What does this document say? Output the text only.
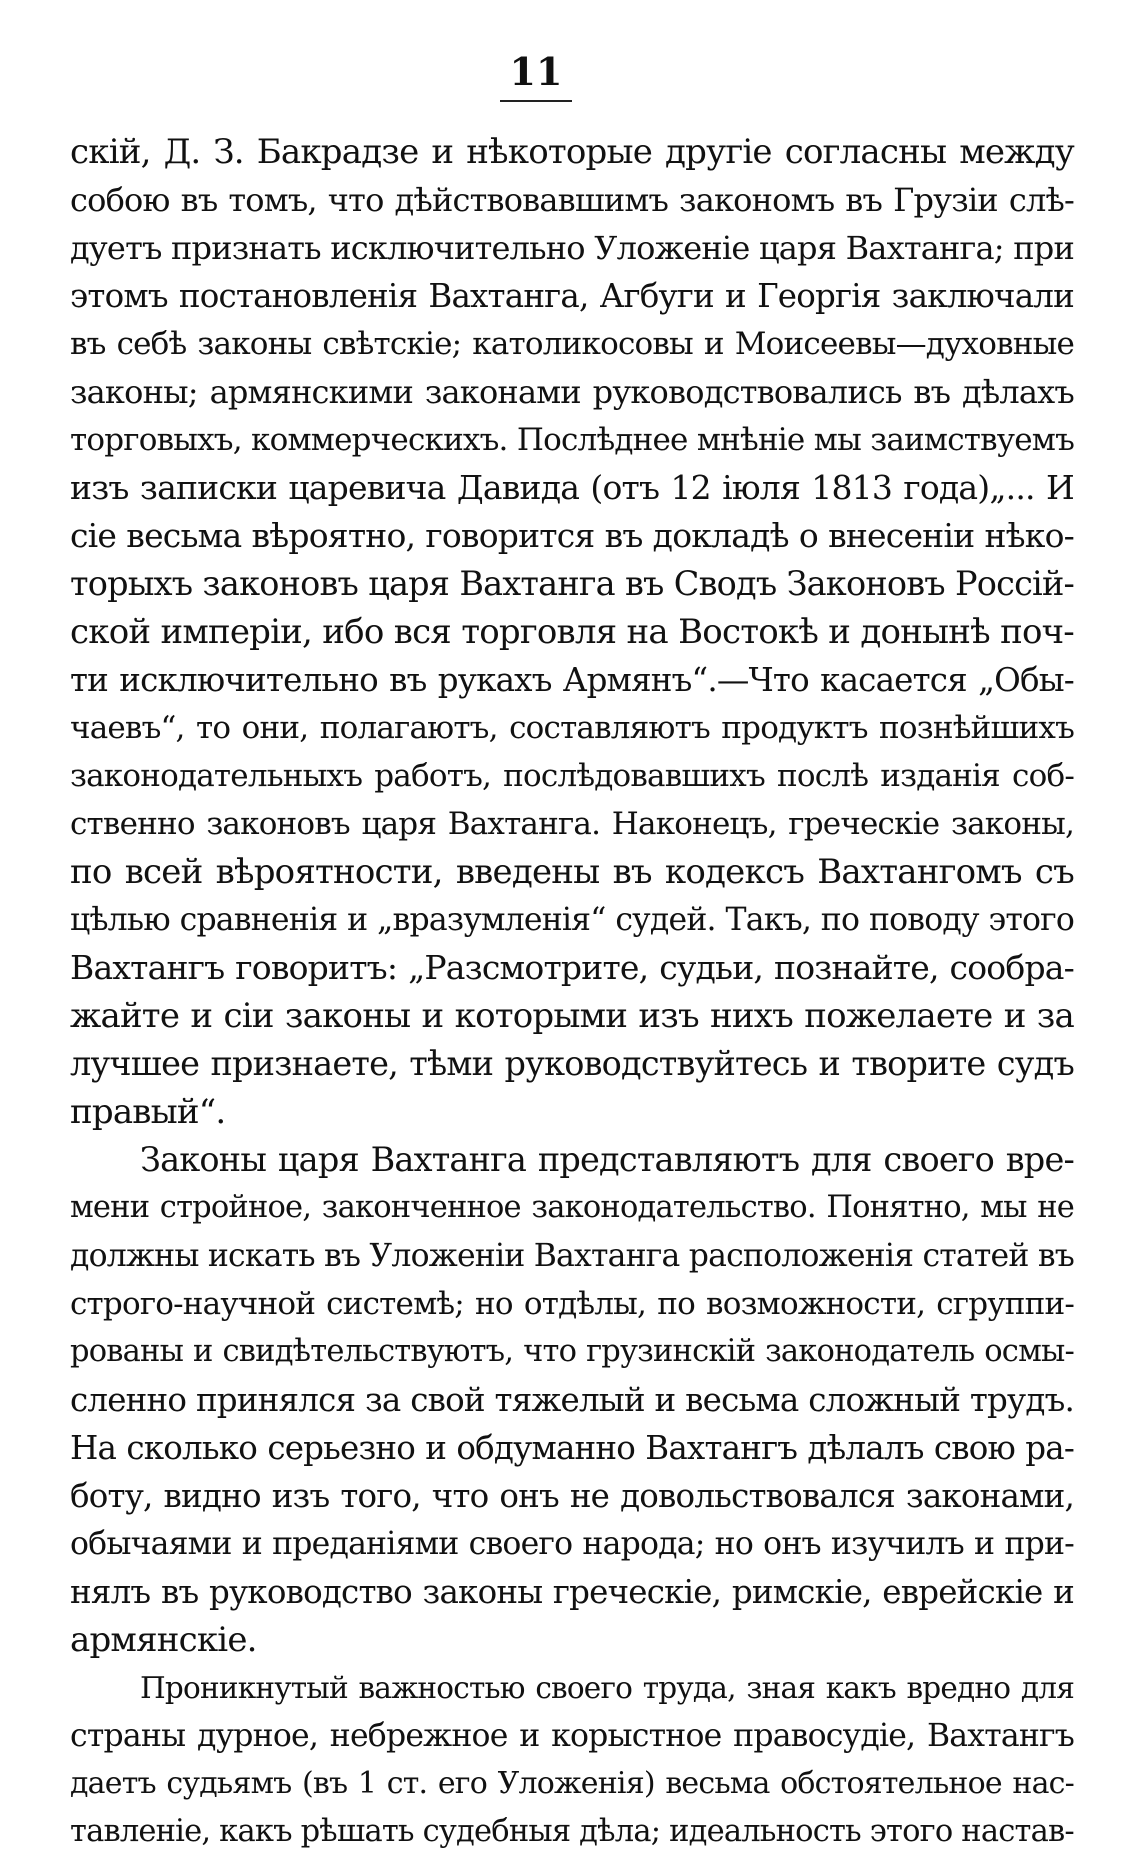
11
скій, Д. З. Бакрадзе и нѣкоторые другіе согласны между
собою въ томъ, что дѣйствовавшимъ закономъ въ Грузіи слѣ-
дуетъ признать исключительно Уложеніе царя Вахтанга; при
этомъ постановленія Вахтанга, Агбуги и Георгія заключали
въ себѣ законы свѣтскіе; католикосовы и Моисеевы—духовные
законы; армянскими законами руководствовались въ дѣлахъ
торговыхъ, коммерческихъ. Послѣднее мнѣніе мы заимствуемъ
изъ записки царевича Давида (отъ 12 іюля 1813 года)„... И
сіе весьма вѣроятно, говорится въ докладѣ о внесеніи нѣко-
торыхъ законовъ царя Вахтанга въ Сводъ Законовъ Россій-
ской имперіи, ибо вся торговля на Востокѣ и донынѣ поч-
ти исключительно въ рукахъ Армянъ“.—Что касается „Обы-
чаевъ“, то они, полагаютъ, составляютъ продуктъ познѣйшихъ
законодательныхъ работъ, послѣдовавшихъ послѣ изданія соб-
ственно законовъ царя Вахтанга. Наконецъ, греческіе законы,
по всей вѣроятности, введены въ кодексъ Вахтангомъ съ
цѣлью сравненія и „вразумленія“ судей. Такъ, по поводу этого
Вахтангъ говоритъ: „Разсмотрите, судьи, познайте, сообра-
жайте и сіи законы и которыми изъ нихъ пожелаете и за
лучшее признаете, тѣми руководствуйтесь и творите судъ
правый“.
Законы царя Вахтанга представляютъ для своего вре-
мени стройное, законченное законодательство. Понятно, мы не
должны искать въ Уложеніи Вахтанга расположенія статей въ
строго-научной системѣ; но отдѣлы, по возможности, сгруппи-
рованы и свидѣтельствуютъ, что грузинскій законодатель осмы-
сленно принялся за свой тяжелый и весьма сложный трудъ.
На сколько серьезно и обдуманно Вахтангъ дѣлалъ свою ра-
боту, видно изъ того, что онъ не довольствовался законами,
обычаями и преданіями своего народа; но онъ изучилъ и при-
нялъ въ руководство законы греческіе, римскіе, еврейскіе и
армянскіе.
Проникнутый важностью своего труда, зная какъ вредно для
страны дурное, небрежное и корыстное правосудіе, Вахтангъ
даетъ судьямъ (въ 1 ст. его Уложенія) весьма обстоятельное нас-
тавленіе, какъ рѣшать судебныя дѣла; идеальность этого настав-
